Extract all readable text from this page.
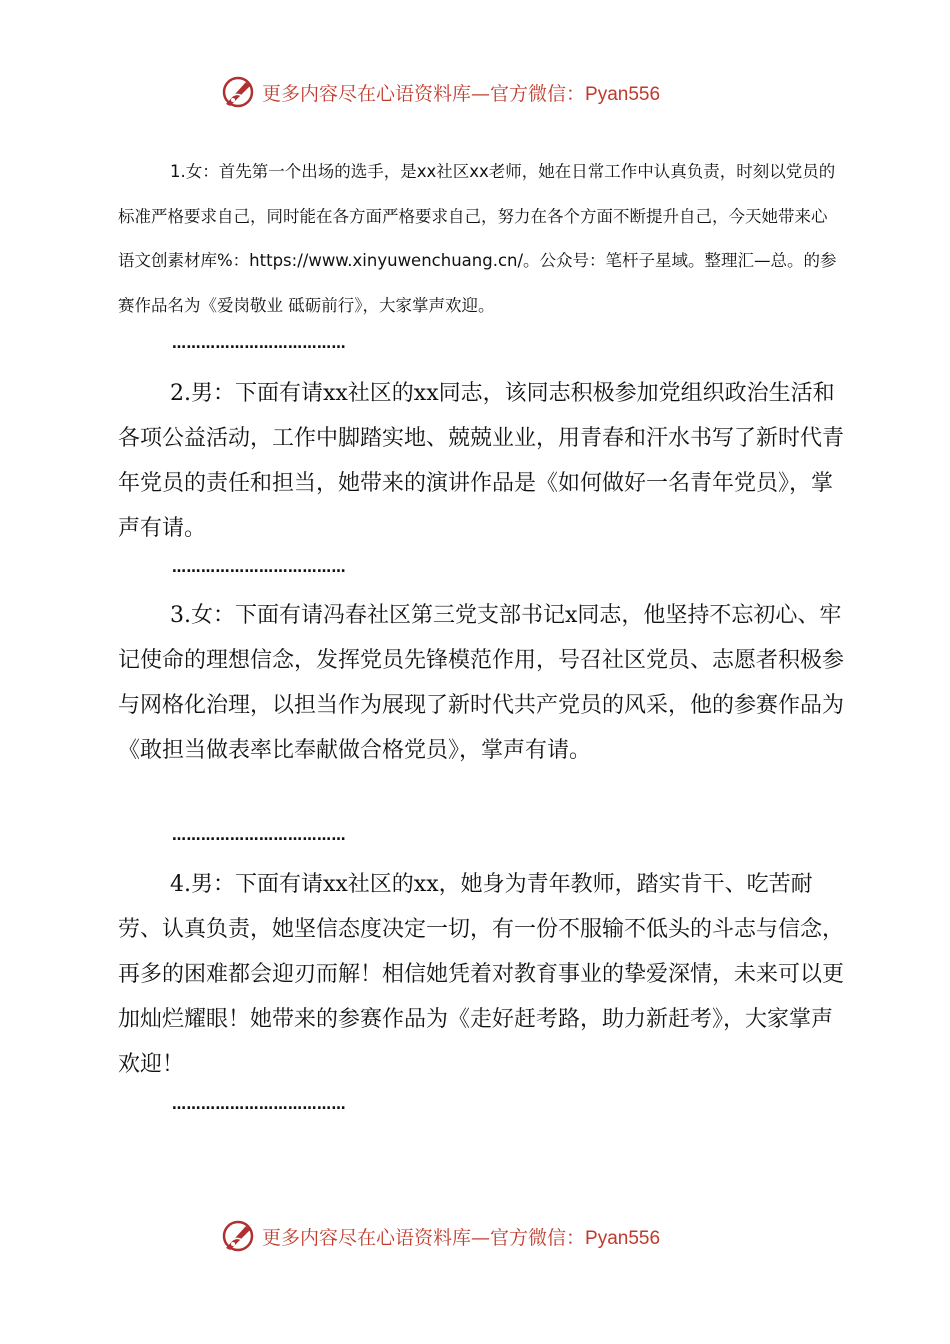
更多内容尽在心语资料库—官方微信：Pyan556

1.女：首先第一个出场的选手，是xx社区xx老师，她在日常工作中认真负责，时刻以党员的标准严格要求自己，同时能在各方面严格要求自己，努力在各个方面不断提升自己，今天她带来心语文创素材库%：https://www.xinyuwenchuang.cn/。公众号：笔杆子星域。整理汇—总。的参赛作品名为《爱岗敬业 砥砺前行》，大家掌声欢迎。

………………………………

2.男：下面有请xx社区的xx同志，该同志积极参加党组织政治生活和各项公益活动，工作中脚踏实地、兢兢业业，用青春和汗水书写了新时代青年党员的责任和担当，她带来的演讲作品是《如何做好一名青年党员》，掌声有请。

………………………………

3.女：下面有请冯春社区第三党支部书记x同志，他坚持不忘初心、牢记使命的理想信念，发挥党员先锋模范作用，号召社区党员、志愿者积极参与网格化治理，以担当作为展现了新时代共产党员的风采，他的参赛作品为《敢担当做表率比奉献做合格党员》，掌声有请。

………………………………

4.男：下面有请xx社区的xx，她身为青年教师，踏实肯干、吃苦耐劳、认真负责，她坚信态度决定一切，有一份不服输不低头的斗志与信念，再多的困难都会迎刃而解！相信她凭着对教育事业的挚爱深情，未来可以更加灿烂耀眼！她带来的参赛作品为《走好赶考路，助力新赶考》，大家掌声欢迎！

………………………………
更多内容尽在心语资料库—官方微信：Pyan556
